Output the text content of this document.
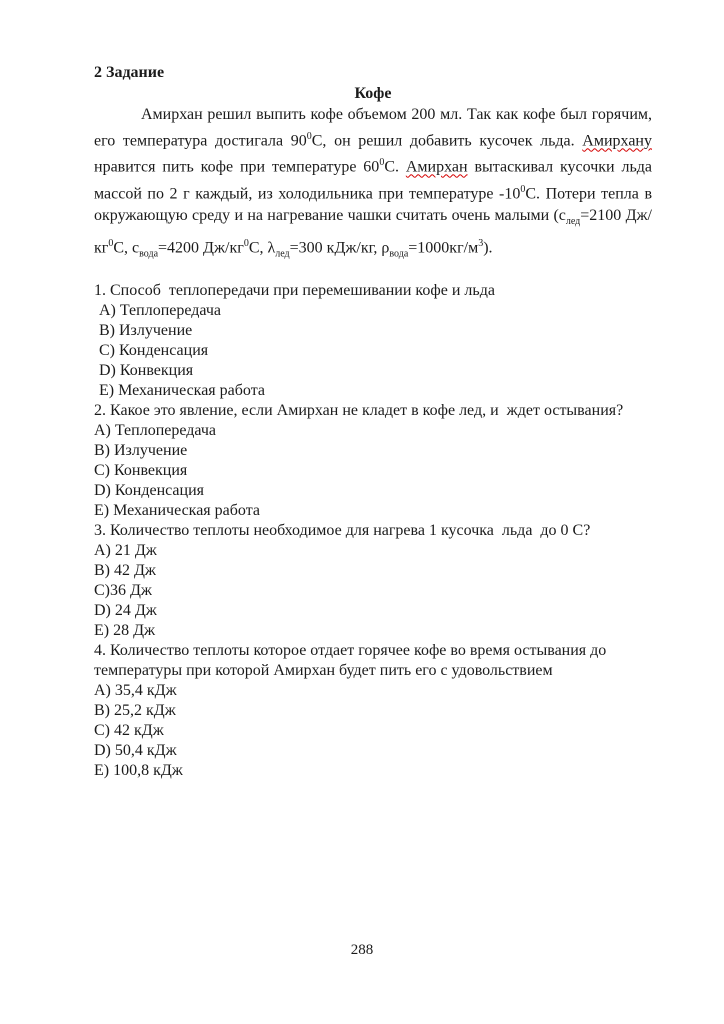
2 Задание
Кофе

Амирхан решил выпить кофе объемом 200 мл. Так как кофе был горячим, его температура достигала $90^0С$, он решил добавить кусочек льда. Амирхану нравится пить кофе при температуре $60^0С$. Амирхан вытаскивал кусочки льда массой по 2 г каждый, из холодильника при температуре $-10^0С$. Потери тепла в окружающую среду и на нагревание чашки считать очень малыми ($с_{лед}=2100$ $Дж/кг^0С$, $с_{вода}=4200$ $Дж/кг^0С$, $\lambda_{лед}=300$ кДж/кг, $\rho_{вода}=1000кг/м^3$).

1. Способ  теплопередачи при перемешивании кофе и льда
А) Теплопередача
В) Излучение
С) Конденсация
D) Конвекция
Е) Механическая работа
2. Какое это явление, если Амирхан не кладет в кофе лед, и  ждет остывания?
А) Теплопередача
В) Излучение
С) Конвекция
D) Конденсация
Е) Механическая работа
3. Количество теплоты необходимое для нагрева 1 кусочка  льда  до 0 С?
А) 21 Дж
В) 42 Дж
С)36 Дж
D) 24 Дж
Е) 28 Дж
4. Количество теплоты которое отдает горячее кофе во время остывания до температуры при которой Амирхан будет пить его с удовольствием
А) 35,4 кДж
В) 25,2 кДж
С) 42 кДж
D) 50,4 кДж
Е) 100,8 кДж
288
